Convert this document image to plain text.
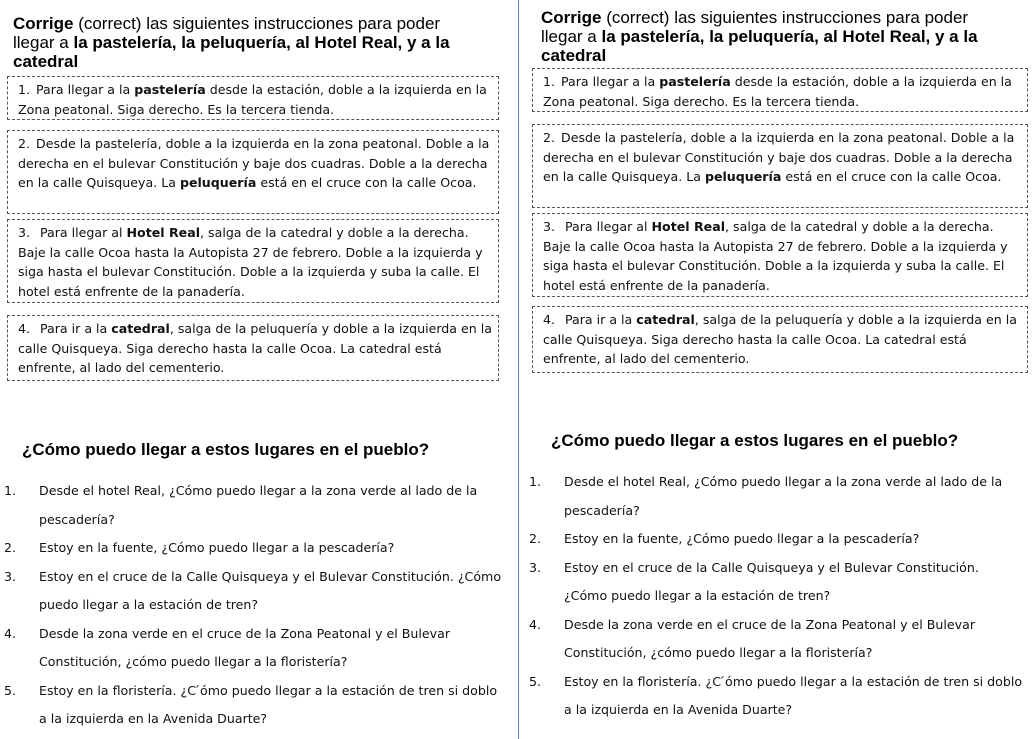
Corrige (correct) las siguientes instrucciones para poder llegar a la pastelería, la peluquería, al Hotel Real, y a la catedral

1. Para llegar a la pastelería desde la estación, doble a la izquierda en la Zona peatonal. Siga derecho. Es la tercera tienda.
2. Desde la pastelería, doble a la izquierda en la zona peatonal. Doble a la derecha en el bulevar Constitución y baje dos cuadras. Doble a la derecha en la calle Quisqueya. La peluquería está en el cruce con la calle Ocoa.
3. Para llegar al Hotel Real, salga de la catedral y doble a la derecha. Baje la calle Ocoa hasta la Autopista 27 de febrero. Doble a la izquierda y siga hasta el bulevar Constitución. Doble a la izquierda y suba la calle. El hotel está enfrente de la panadería.
4. Para ir a la catedral, salga de la peluquería y doble a la izquierda en la calle Quisqueya. Siga derecho hasta la calle Ocoa. La catedral está enfrente, al lado del cementerio.

¿Cómo puedo llegar a estos lugares en el pueblo?

1. Desde el hotel Real, ¿Cómo puedo llegar a la zona verde al lado de la pescadería?
2. Estoy en la fuente, ¿Cómo puedo llegar a la pescadería?
3. Estoy en el cruce de la Calle Quisqueya y el Bulevar Constitución. ¿Cómo puedo llegar a la estación de tren?
4. Desde la zona verde en el cruce de la Zona Peatonal y el Bulevar Constitución, ¿cómo puedo llegar a la floristería?
5. Estoy en la floristería. ¿C ́ómo puedo llegar a la estación de tren si doblo a la izquierda en la Avenida Duarte?

Corrige (correct) las siguientes instrucciones para poder llegar a la pastelería, la peluquería, al Hotel Real, y a la catedral

1. Para llegar a la pastelería desde la estación, doble a la izquierda en la Zona peatonal. Siga derecho. Es la tercera tienda.
2. Desde la pastelería, doble a la izquierda en la zona peatonal. Doble a la derecha en el bulevar Constitución y baje dos cuadras. Doble a la derecha en la calle Quisqueya. La peluquería está en el cruce con la calle Ocoa.
3. Para llegar al Hotel Real, salga de la catedral y doble a la derecha. Baje la calle Ocoa hasta la Autopista 27 de febrero. Doble a la izquierda y siga hasta el bulevar Constitución. Doble a la izquierda y suba la calle. El hotel está enfrente de la panadería.
4. Para ir a la catedral, salga de la peluquería y doble a la izquierda en la calle Quisqueya. Siga derecho hasta la calle Ocoa. La catedral está enfrente, al lado del cementerio.

¿Cómo puedo llegar a estos lugares en el pueblo?

1. Desde el hotel Real, ¿Cómo puedo llegar a la zona verde al lado de la pescadería?
2. Estoy en la fuente, ¿Cómo puedo llegar a la pescadería?
3. Estoy en el cruce de la Calle Quisqueya y el Bulevar Constitución. ¿Cómo puedo llegar a la estación de tren?
4. Desde la zona verde en el cruce de la Zona Peatonal y el Bulevar Constitución, ¿cómo puedo llegar a la floristería?
5. Estoy en la floristería. ¿C ́ómo puedo llegar a la estación de tren si doblo a la izquierda en la Avenida Duarte?
